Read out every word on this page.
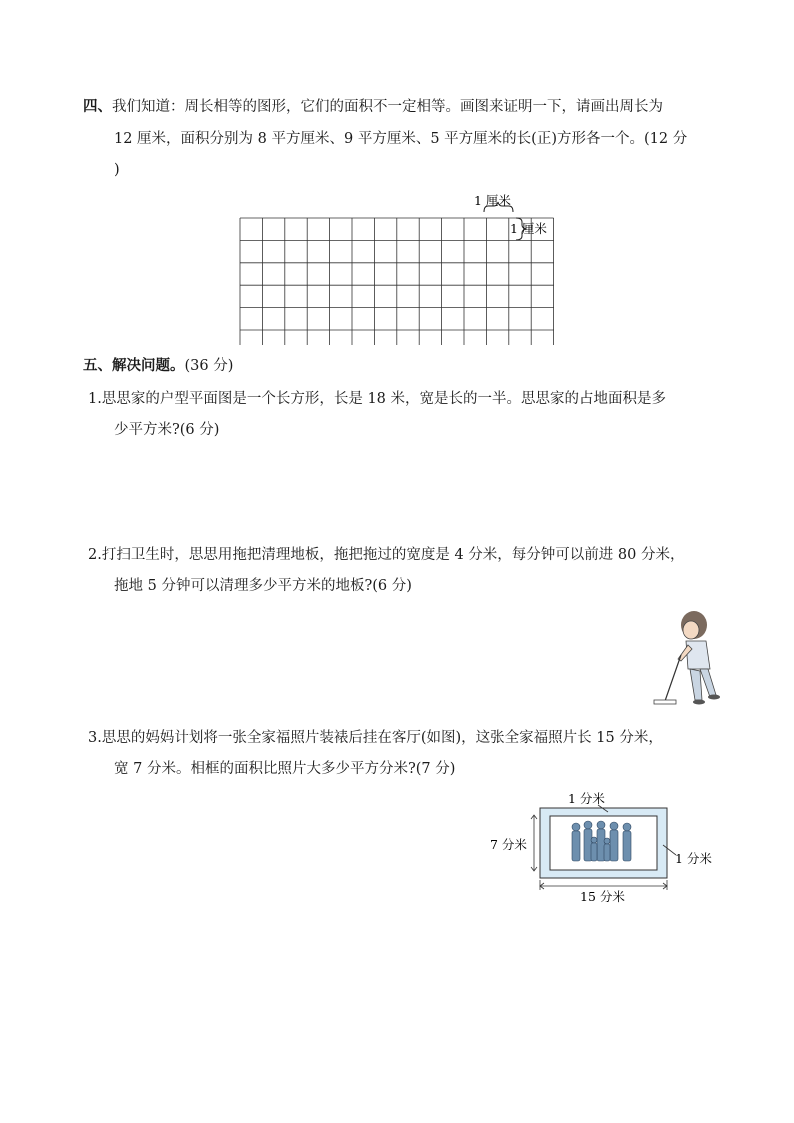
四、我们知道：周长相等的图形，它们的面积不一定相等。画图来证明一下，请画出周长为
12 厘米，面积分别为 8 平方厘米、9 平方厘米、5 平方厘米的长(正)方形各一个。(12 分
)
1 厘米
1 厘米
五、解决问题。(36 分)
1.思思家的户型平面图是一个长方形，长是 18 米，宽是长的一半。思思家的占地面积是多
少平方米?(6 分)
2.打扫卫生时，思思用拖把清理地板，拖把拖过的宽度是 4 分米，每分钟可以前进 80 分米，
拖地 5 分钟可以清理多少平方米的地板?(6 分)
3.思思的妈妈计划将一张全家福照片装裱后挂在客厅(如图)，这张全家福照片长 15 分米，
宽 7 分米。相框的面积比照片大多少平方分米?(7 分)
1 分米
1 分米
7 分米
15 分米
